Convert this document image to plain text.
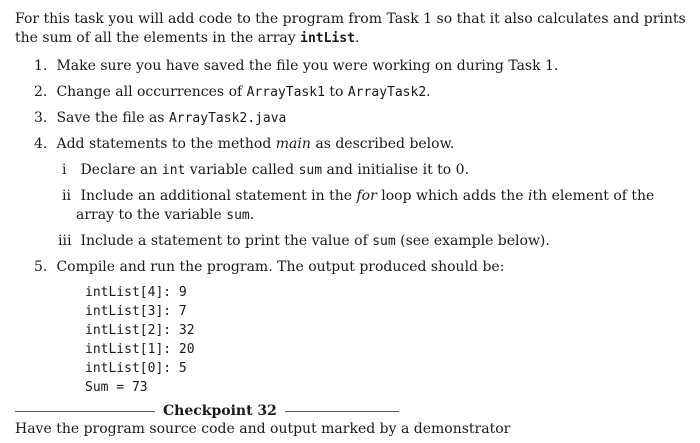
For this task you will add code to the program from Task 1 so that it also calculates and prints
the sum of all the elements in the array intList.
1. Make sure you have saved the file you were working on during Task 1.
2. Change all occurrences of ArrayTask1 to ArrayTask2.
3. Save the file as ArrayTask2.java
4. Add statements to the method main as described below.
i Declare an int variable called sum and initialise it to 0.
ii Include an additional statement in the for loop which adds the ith element of the
array to the variable sum.
iii Include a statement to print the value of sum (see example below).
5. Compile and run the program. The output produced should be:
intList[4]: 9
intList[3]: 7
intList[2]: 32
intList[1]: 20
intList[0]: 5
Sum = 73
Checkpoint 32
Have the program source code and output marked by a demonstrator
